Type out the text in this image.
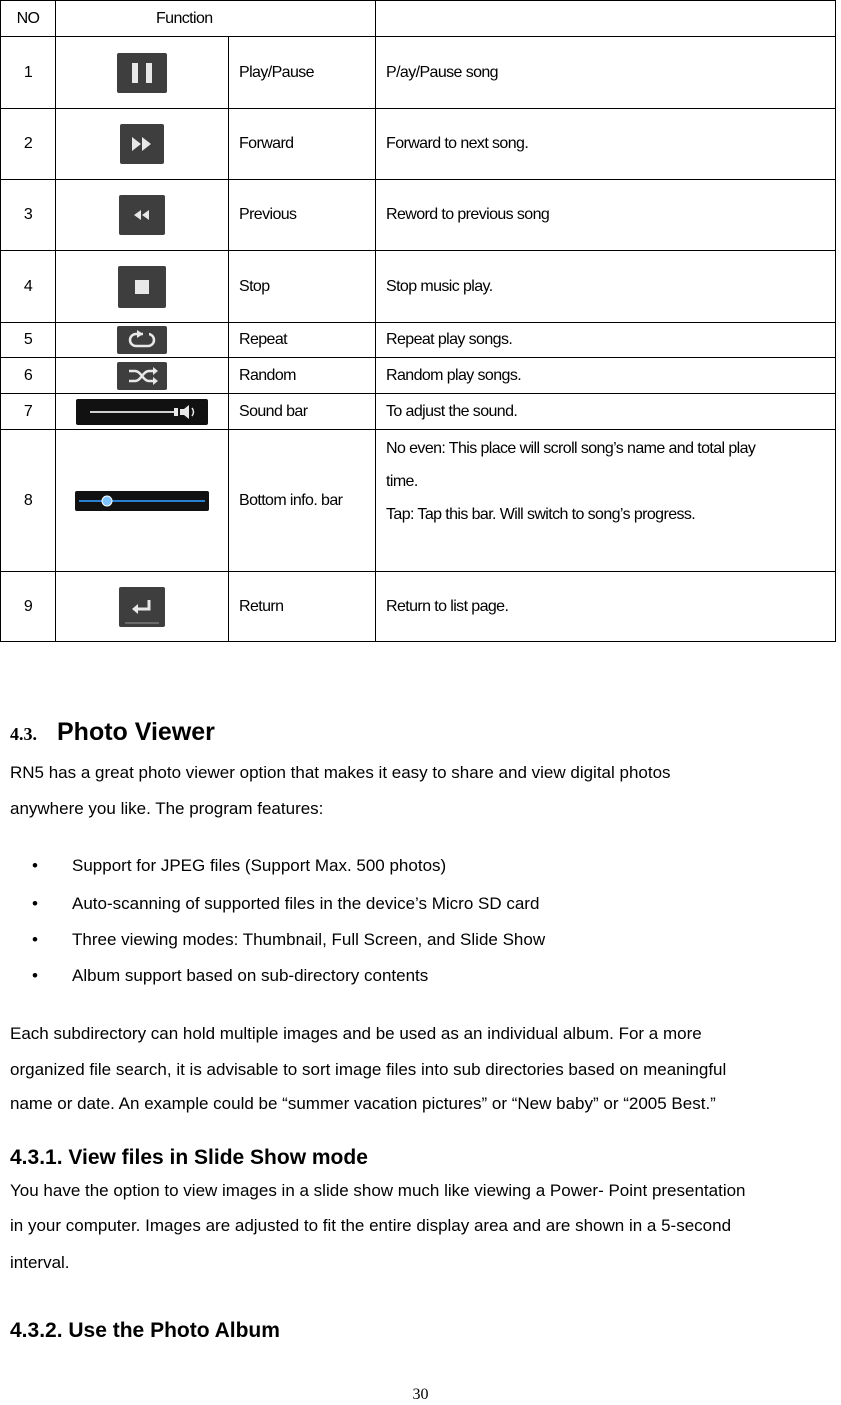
NO	Function		
1		Play/Pause	P/ay/Pause song
2		Forward	Forward to next song.
3		Previous	Reword to previous song
4		Stop	Stop music play.
5		Repeat	Repeat play songs.
6		Random	Random play songs.
7		Sound bar	To adjust the sound.
8		Bottom info. bar	No even: This place will scroll song’s name and total play
time.
Tap: Tap this bar. Will switch to song’s progress.

9		Return	Return to list page.
4.3. Photo Viewer
RN5 has a great photo viewer option that makes it easy to share and view digital photos
anywhere you like. The program features:
• Support for JPEG files (Support Max. 500 photos)
• Auto-scanning of supported files in the device’s Micro SD card
• Three viewing modes: Thumbnail, Full Screen, and Slide Show
• Album support based on sub-directory contents
Each subdirectory can hold multiple images and be used as an individual album. For a more
organized file search, it is advisable to sort image files into sub directories based on meaningful
name or date. An example could be “summer vacation pictures” or “New baby” or “2005 Best.”
4.3.1. View files in Slide Show mode
You have the option to view images in a slide show much like viewing a Power- Point presentation
in your computer. Images are adjusted to fit the entire display area and are shown in a 5-second
interval.
4.3.2. Use the Photo Album
30
